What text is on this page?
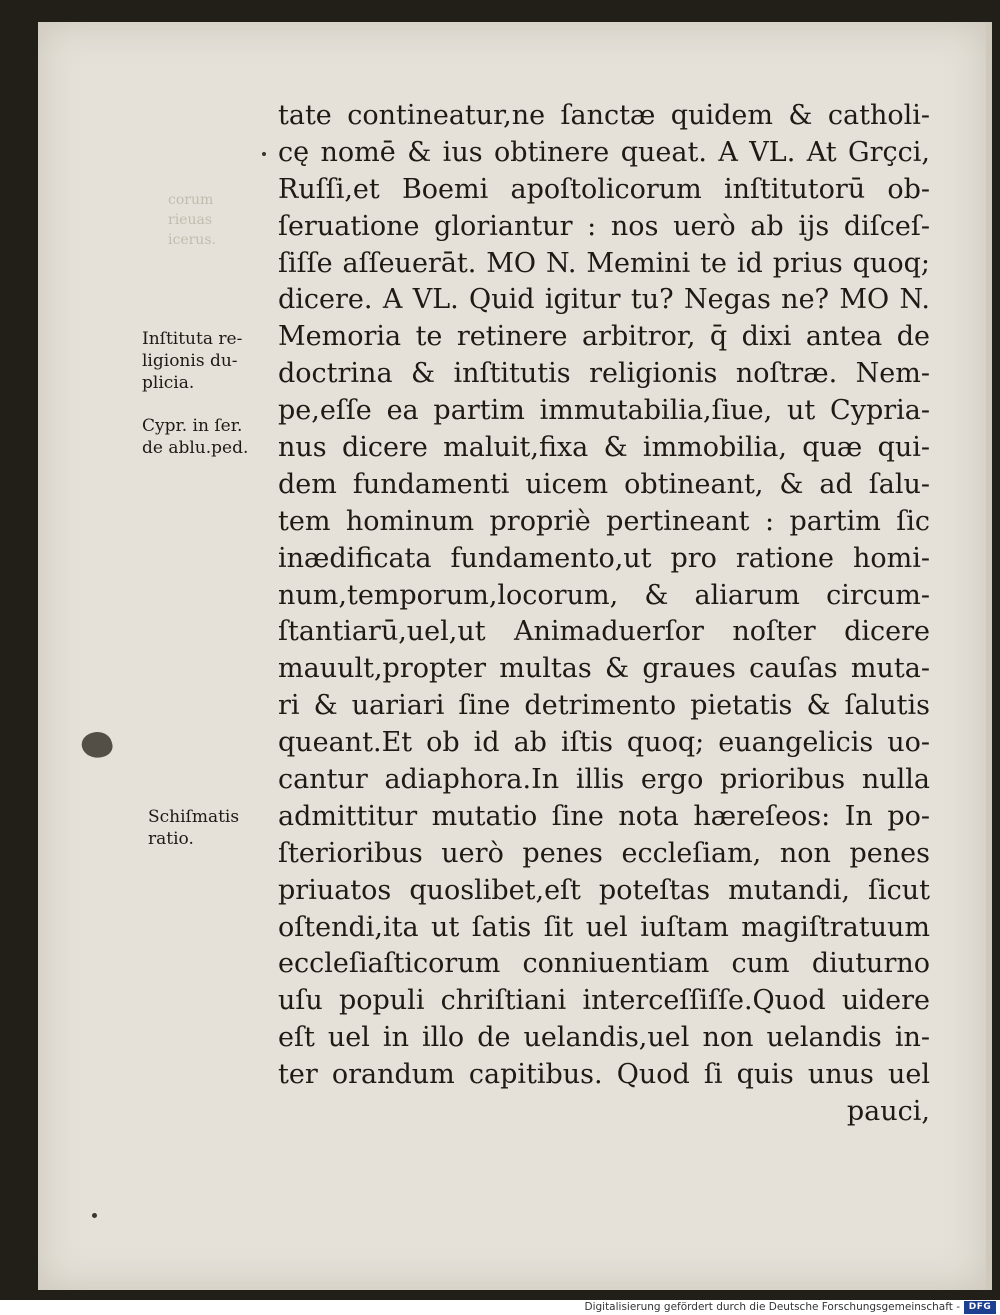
corum
rieuas
icerus.
tate contineatur,ne ſanctæ quidem & catholi-
cę nomē & ius obtinere queat. A VL. At Grçci,
Ruſſi,et Boemi apoſtolicorum inſtitutorū ob-
ſeruatione gloriantur : nos uerò ab ijs diſceſ-
ſiſſe aſſeuerāt. MO N. Memini te id prius quoq;
dicere. A VL. Quid igitur tu? Negas ne? MO N.
Memoria te retinere arbitror, q̄ dixi antea de
doctrina & inſtitutis religionis noſtræ. Nem-
pe,eſſe ea partim immutabilia,ſiue, ut Cypria-
nus dicere maluit,fixa & immobilia, quæ qui-
dem fundamenti uicem obtineant, & ad ſalu-
tem hominum propriè pertineant : partim ſic
inædificata fundamento,ut pro ratione homi-
num,temporum,locorum, & aliarum circum-
ſtantiarū,uel,ut Animaduerſor noſter dicere
mauult,propter multas & graues cauſas muta-
ri & uariari ſine detrimento pietatis & ſalutis
queant.Et ob id ab iſtis quoq; euangelicis uo-
cantur adiaphora.In illis ergo prioribus nulla
admittitur mutatio ſine nota hæreſeos: In po-
ſterioribus uerò penes eccleſiam, non penes
priuatos quoslibet,eſt poteſtas mutandi, ſicut
oſtendi,ita ut ſatis ſit uel iuſtam magiſtratuum
eccleſiaſticorum conniuentiam cum diuturno
uſu populi chriſtiani interceſſiſſe.Quod uidere
eſt uel in illo de uelandis,uel non uelandis in-
ter orandum capitibus. Quod ſi quis unus uel
pauci,
Inſtituta re-
ligionis du-
plicia.
Cypr. in ſer.
de ablu.ped.
Schiſmatis
ratio.
Digitalisierung gefördert durch die Deutsche Forschungsgemeinschaft - DFG
